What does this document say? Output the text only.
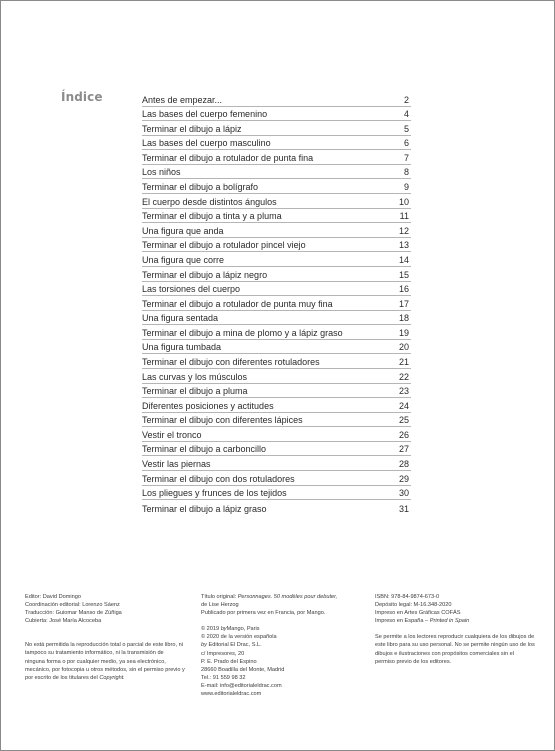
Índice	Antes de empezar...	2
Las bases del cuerpo femenino	4
Terminar el dibujo a lápiz	5
Las bases del cuerpo masculino	6
Terminar el dibujo a rotulador de punta fina	7
Los niños	8
Terminar el dibujo a bolígrafo	9
El cuerpo desde distintos ángulos	10
Terminar el dibujo a tinta y a pluma	11
Una figura que anda	12
Terminar el dibujo a rotulador pincel viejo	13
Una figura que corre	14
Terminar el dibujo a lápiz negro	15
Las torsiones del cuerpo	16
Terminar el dibujo a rotulador de punta muy fina	17
Una figura sentada	18
Terminar el dibujo a mina de plomo y a lápiz graso	19
Una figura tumbada	20
Terminar el dibujo con diferentes rotuladores	21
Las curvas y los músculos	22
Terminar el dibujo a pluma	23
Diferentes posiciones y actitudes	24
Terminar el dibujo con diferentes lápices	25
Vestir el tronco	26
Terminar el dibujo a carboncillo	27
Vestir las piernas	28
Terminar el dibujo con dos rotuladores	29
Los pliegues y frunces de los tejidos	30
Terminar el dibujo a lápiz graso	31
Editor: David Domingo
Coordinación editorial: Lorenzo Sáenz
Traducción: Guiomar Manso de Zúñiga
Cubierta: José María Alcoceba
No está permitida la reproducción total o parcial de este libro, ni tampoco su tratamiento informático, ni la transmisión de ninguna forma o por cualquier medio, ya sea electrónico, mecánico, por fotocopia u otros métodos, sin el permiso previo y por escrito de los titulares del Copyright.
Título original: Personnages. 50 modèles pour debuter,
de Lise Herzog
Publicado por primera vez en Francia, por Mango.
© 2019 byMango, Paris
© 2020 de la versión española
by Editorial El Drac, S.L.
c/ Impresores, 20
P. E. Prado del Espino
28660 Boadilla del Monte, Madrid
Tel.: 91 559 98 32
E-mail: info@editorialeldrac.com
www.editorialeldrac.com
ISBN: 978-84-9874-673-0
Depósito legal: M-16.348-2020
Impreso en Artes Gráficas COFÁS
Impreso en España – Printed in Spain
Se permite a los lectores reproducir cualquiera de los dibujos de este libro para su uso personal. No se permite ningún uso de los dibujos e ilustraciones con propósitos comerciales sin el permiso previo de los editores.
